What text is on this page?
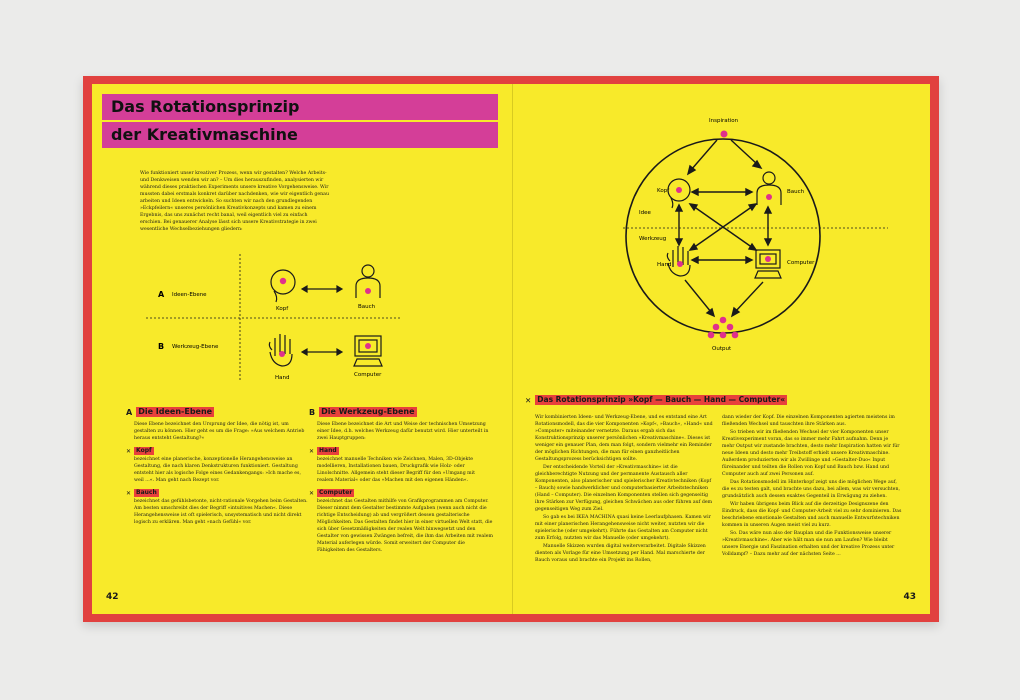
Das Rotationsprinzip
der Kreativmaschine

Wie funktioniert unser kreativer Prozess, wenn wir gestalten? Welche Arbeits- und Denkweisen wenden wir an? – Um dies herauszufinden, analysierten wir während dieses praktischen Experiments unsere kreative Vorgehensweise. Wir mussten dabei erstmals konkret darüber nachdenken, wie wir eigentlich genau arbeiten und Ideen entwickeln. So suchten wir nach den grundlegenden »Eckpfeilern« unseres persönlichen Kreativkonzepts und kamen zu einem Ergebnis, das uns zunächst recht banal, weil eigentlich viel zu einfach erschien. Bei genauerer Analyse lässt sich unsere Kreativstrategie in zwei wesentliche Wechselbeziehungen gliedern:

A Ideen-Ebene
B Werkzeug-Ebene
Kopf	Bauch
Hand	Computer
A Die Ideen-Ebene

Diese Ebene bezeichnet den Ursprung der Idee, die nötig ist, um gestalten zu können. Hier geht es um die Frage: »Aus welchem Antrieb heraus entsteht Gestaltung?«

✕ Kopf

bezeichnet eine planerische, konzeptionelle Herangehensweise an Gestaltung, die nach klaren Denkstrukturen funktioniert. Gestaltung entsteht hier als logische Folge eines Gedankengangs: »Ich mache es, weil ...«. Man geht nach Rezept vor.

✕ Bauch

bezeichnet das gefühlsbetonte, nicht-rationale Vorgehen beim Gestalten. Am besten umschreibt dies der Begriff »intuitives Machen«. Diese Herangehensweise ist oft spielerisch, unsystematisch und nicht direkt logisch zu erklären. Man geht »nach Gefühl« vor.

B Die Werkzeug-Ebene

Diese Ebene bezeichnet die Art und Weise der technischen Umsetzung einer Idee, d.h. welches Werkzeug dafür benutzt wird. Hier unterteilt in zwei Hauptgruppen:

✕ Hand

bezeichnet manuelle Techniken wie Zeichnen, Malen, 3D-Objekte modellieren, Installationen bauen, Druckgrafik wie Holz- oder Linolschnitte. Allgemein steht dieser Begriff für den »Umgang mit realem Material« oder das »Machen mit den eigenen Händen«.

✕ Computer

bezeichnet das Gestalten mithilfe von Grafikprogrammen am Computer. Dieser nimmt dem Gestalter bestimmte Aufgaben (wenn auch nicht die richtige Entscheidung) ab und vergrößert dessen gestalterische Möglichkeiten. Das Gestalten findet hier in einer virtuellen Welt statt, die sich über Gesetzmäßigkeiten der realen Welt hinwegsetzt und den Gestalter von gewissen Zwängen befreit, die ihm das Arbeiten mit realem Material auferlegen würde. Somit erweitert der Computer die Fähigkeiten des Gestalters.

42
Idee
Werkzeug
Inspiration
Kopf	Bauch
Hand	Computer
Output
✕ Das Rotationsprinzip »Kopf — Bauch — Hand — Computer«

Wir kombinierten Ideen- und Werkzeug-Ebene, und es entstand eine Art Rotationsmodell, das die vier Komponenten »Kopf«, »Bauch«, »Hand« und »Computer« miteinander vernetzte. Daraus ergab sich das Konstruktionsprinzip unserer persönlichen »Kreativmaschine«. Dieses ist weniger ein genauer Plan, dem man folgt, sondern vielmehr ein Reminder der möglichen Richtungen, die man für einen ganzheitlichen Gestaltungsprozess berücksichtigen sollte.

Der entscheidende Vorteil der »Kreativmaschine« ist die gleichberechtigte Nutzung und der permanente Austausch aller Komponenten, also planerischer und spielerischer Kreativtechniken (Kopf – Bauch) sowie handwerklicher und computerbasierter Arbeitstechniken (Hand – Computer). Die einzelnen Komponenten stellen sich gegenseitig ihre Stärken zur Verfügung, gleichen Schwächen aus oder führen auf dem gegenseitigen Weg zum Ziel.

So gab es bei IKEA MACHINA quasi keine Leerlaufphasen. Kamen wir mit einer planerischen Herangehensweise nicht weiter, nutzten wir die spielerische (oder umgekehrt). Führte das Gestalten am Computer nicht zum Erfolg, nutzten wir das Manuelle (oder umgekehrt).

Manuelle Skizzen wurden digital weiterverarbeitet. Digitale Skizzen dienten als Vorlage für eine Umsetzung per Hand. Mal marschierte der Bauch voraus und brachte ein Projekt ins Rollen,

dann wieder der Kopf. Die einzelnen Komponenten agierten meistens im fließenden Wechsel und tauschten ihre Stärken aus.

So trieben wir im fließenden Wechsel der vier Komponenten unser Kreativexperiment voran, das so immer mehr Fahrt aufnahm. Denn je mehr Output wir zustande brachten, desto mehr Inspiration hatten wir für neue Ideen und desto mehr Treibstoff erhielt unsere Kreativmaschine. Außerdem produzierten wir als Zwillinge und »Gestalter-Duo« Input füreinander und teilten die Rollen von Kopf und Bauch bzw. Hand und Computer auch auf zwei Personen auf.

Das Rotationsmodell im Hinterkopf zeigt uns die möglichen Wege auf, die es zu testen galt, und brachte uns dazu, bei allem, was wir versuchten, grundsätzlich auch dessen exaktes Gegenteil in Erwägung zu ziehen.

Wir haben übrigens beim Blick auf die derzeitige Designszene den Eindruck, dass die Kopf- und Computer-Arbeit viel zu sehr dominieren. Das beschriebene emotionale Gestalten und auch manuelle Entwurfstechniken kommen in unseren Augen meist viel zu kurz.

So. Das wäre nun also der Bauplan und die Funktionsweise unserer »Kreativmaschine«. Aber wie hält man sie nun am Laufen? Wie bleibt unsere Energie und Faszination erhalten und der kreative Prozess unter Volldampf? – Dazu mehr auf der nächsten Seite ...

43
